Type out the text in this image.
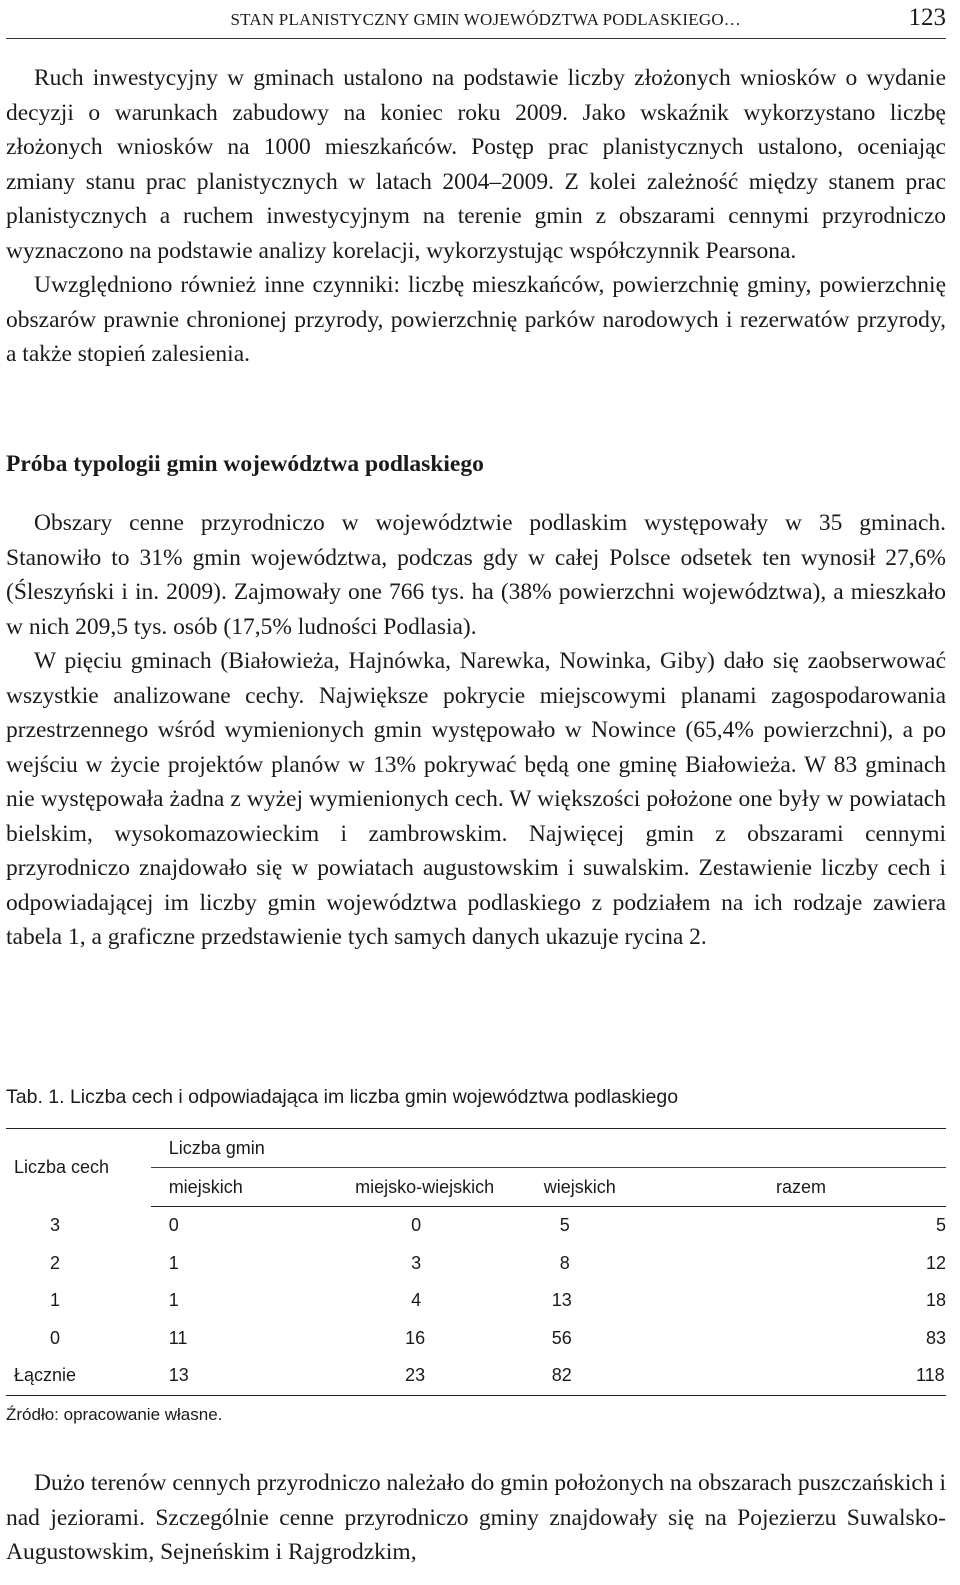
STAN PLANISTYCZNY GMIN WOJEWÓDZTWA PODLASKIEGO…	123

Ruch inwestycyjny w gminach ustalono na podstawie liczby złożonych wniosków o wydanie decyzji o warunkach zabudowy na koniec roku 2009. Jako wskaźnik wykorzystano liczbę złożonych wniosków na 1000 mieszkańców. Postęp prac planistycznych ustalono, oceniając zmiany stanu prac planistycznych w latach 2004–2009. Z kolei zależność między stanem prac planistycznych a ruchem inwestycyjnym na terenie gmin z obszarami cennymi przyrodniczo wyznaczono na podstawie analizy korelacji, wykorzystując współczynnik Pearsona.

Uwzględniono również inne czynniki: liczbę mieszkańców, powierzchnię gminy, powierzchnię obszarów prawnie chronionej przyrody, powierzchnię parków narodowych i rezerwatów przyrody, a także stopień zalesienia.

Próba typologii gmin województwa podlaskiego

Obszary cenne przyrodniczo w województwie podlaskim występowały w 35 gminach. Stanowiło to 31% gmin województwa, podczas gdy w całej Polsce odsetek ten wynosił 27,6% (Śleszyński i in. 2009). Zajmowały one 766 tys. ha (38% powierzchni województwa), a mieszkało w nich 209,5 tys. osób (17,5% ludności Podlasia).

W pięciu gminach (Białowieża, Hajnówka, Narewka, Nowinka, Giby) dało się zaobserwować wszystkie analizowane cechy. Największe pokrycie miejscowymi planami zagospodarowania przestrzennego wśród wymienionych gmin występowało w Nowince (65,4% powierzchni), a po wejściu w życie projektów planów w 13% pokrywać będą one gminę Białowieża. W 83 gminach nie występowała żadna z wyżej wymienionych cech. W większości położone one były w powiatach bielskim, wysokomazowieckim i zambrowskim. Najwięcej gmin z obszarami cennymi przyrodniczo znajdowało się w powiatach augustowskim i suwalskim. Zestawienie liczby cech i odpowiadającej im liczby gmin województwa podlaskiego z podziałem na ich rodzaje zawiera tabela 1, a graficzne przedstawienie tych samych danych ukazuje rycina 2.

Tab. 1. Liczba cech i odpowiadająca im liczba gmin województwa podlaskiego

Liczba cech	Liczba gmin			
	miejskich	miejsko-wiejskich	wiejskich	razem
3	0	0	5	5
2	1	3	8	12
1	1	4	13	18
0	11	16	56	83
Łącznie	13	23	82	118

Źródło: opracowanie własne.

Dużo terenów cennych przyrodniczo należało do gmin położonych na obszarach puszczańskich i nad jeziorami. Szczególnie cenne przyrodniczo gminy znajdowały się na Pojezierzu Suwalsko-Augustowskim, Sejneńskim i Rajgrodzkim,
